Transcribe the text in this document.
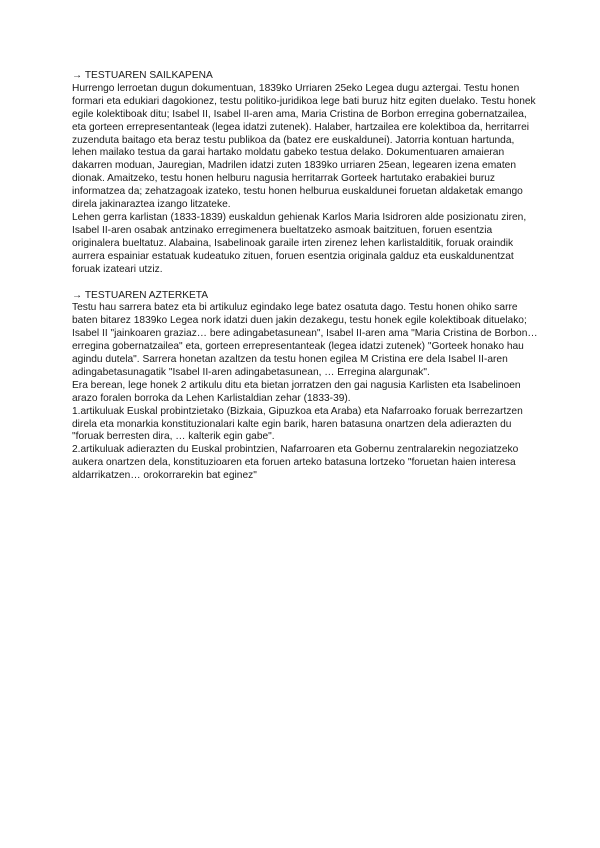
→ TESTUAREN SAILKAPENA

Hurrengo lerroetan dugun dokumentuan, 1839ko Urriaren 25eko Legea dugu aztergai. Testu honen formari eta edukiari dagokionez, testu politiko-juridikoa lege bati buruz hitz egiten duelako. Testu honek egile kolektiboak ditu; Isabel II, Isabel II-aren ama, Maria Cristina de Borbon erregina gobernatzailea, eta gorteen errepresentanteak (legea idatzi zutenek). Halaber, hartzailea ere kolektiboa da, herritarrei zuzenduta baitago eta beraz testu publikoa da (batez ere euskaldunei). Jatorria kontuan hartunda, lehen mailako testua da garai hartako moldatu gabeko testua delako. Dokumentuaren amaieran dakarren moduan, Jauregian, Madrilen idatzi zuten 1839ko urriaren 25ean, legearen izena ematen dionak. Amaitzeko, testu honen helburu nagusia herritarrak Gorteek hartutako erabakiei buruz informatzea da; zehatzagoak izateko, testu honen helburua euskaldunei foruetan aldaketak emango direla jakinaraztea izango litzateke.

Lehen gerra karlistan (1833-1839) euskaldun gehienak Karlos Maria Isidroren alde posizionatu ziren, Isabel II-aren osabak antzinako erregimenera bueltatzeko asmoak baitzituen, foruen esentzia originalera bueltatuz. Alabaina, Isabelinoak garaile irten zirenez lehen karlistalditik, foruak oraindik aurrera espainiar estatuak kudeatuko zituen, foruen esentzia originala galduz eta euskaldunentzat foruak izateari utziz.

→ TESTUAREN AZTERKETA

Testu hau sarrera batez eta bi artikuluz egindako lege batez osatuta dago. Testu honen ohiko sarre baten bitarez 1839ko Legea nork idatzi duen jakin dezakegu, testu honek egile kolektiboak dituelako; Isabel II "jainkoaren graziaz… bere adingabetasunean", Isabel II-aren ama "Maria Cristina de Borbon… erregina gobernatzailea" eta, gorteen errepresentanteak (legea idatzi zutenek) "Gorteek honako hau agindu dutela". Sarrera honetan azaltzen da testu honen egilea M Cristina ere dela Isabel II-aren adingabetasunagatik "Isabel II-aren adingabetasunean, … Erregina alargunak".

Era berean, lege honek 2 artikulu ditu eta bietan jorratzen den gai nagusia Karlisten eta Isabelinoen arazo foralen borroka da Lehen Karlistaldian zehar (1833-39).

1.artikuluak Euskal probintzietako (Bizkaia, Gipuzkoa eta Araba) eta Nafarroako foruak berrezartzen direla eta monarkia konstituzionalari kalte egin barik, haren batasuna onartzen dela adierazten du "foruak berresten dira, … kalterik egin gabe".

2.artikuluak adierazten du Euskal probintzien, Nafarroaren eta Gobernu zentralarekin negoziatzeko aukera onartzen dela, konstituzioaren eta foruen arteko batasuna lortzeko "foruetan haien interesa aldarrikatzen… orokorrarekin bat eginez"
